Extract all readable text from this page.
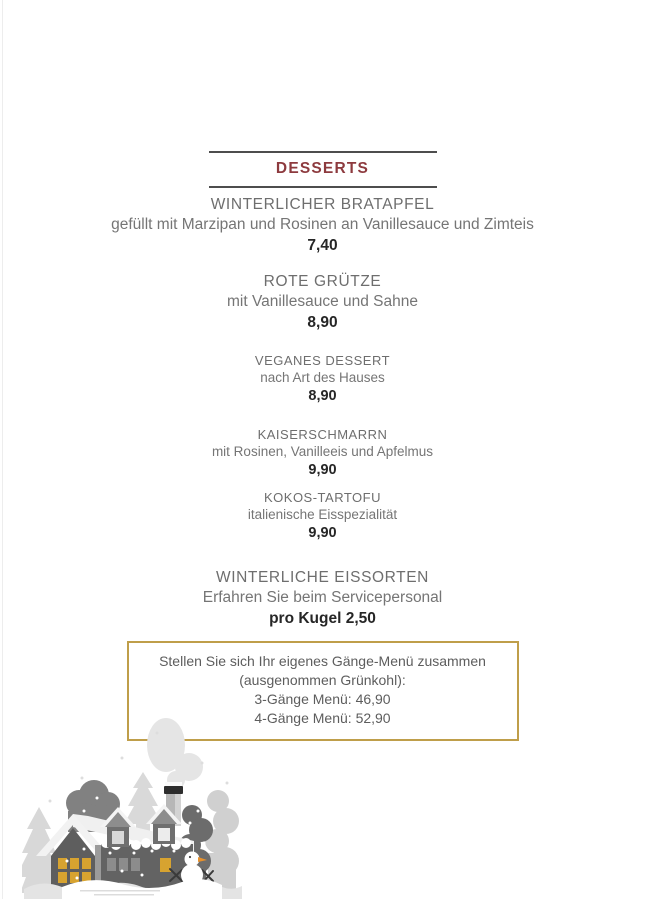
DESSERTS
WINTERLICHER BRATAPFEL
gefüllt mit Marzipan und Rosinen an Vanillesauce und Zimteis
7,40
ROTE GRÜTZE
mit Vanillesauce und Sahne
8,90
VEGANES DESSERT
nach Art des Hauses
8,90
KAISERSCHMARRN
mit Rosinen, Vanilleeis und Apfelmus
9,90
KOKOS-TARTOFU
italienische Eisspezialität
9,90
WINTERLICHE EISSORTEN
Erfahren Sie beim Servicepersonal
pro Kugel 2,50
Stellen Sie sich Ihr eigenes Gänge-Menü zusammen
(ausgenommen Grünkohl):
3-Gänge Menü: 46,90
4-Gänge Menü: 52,90
